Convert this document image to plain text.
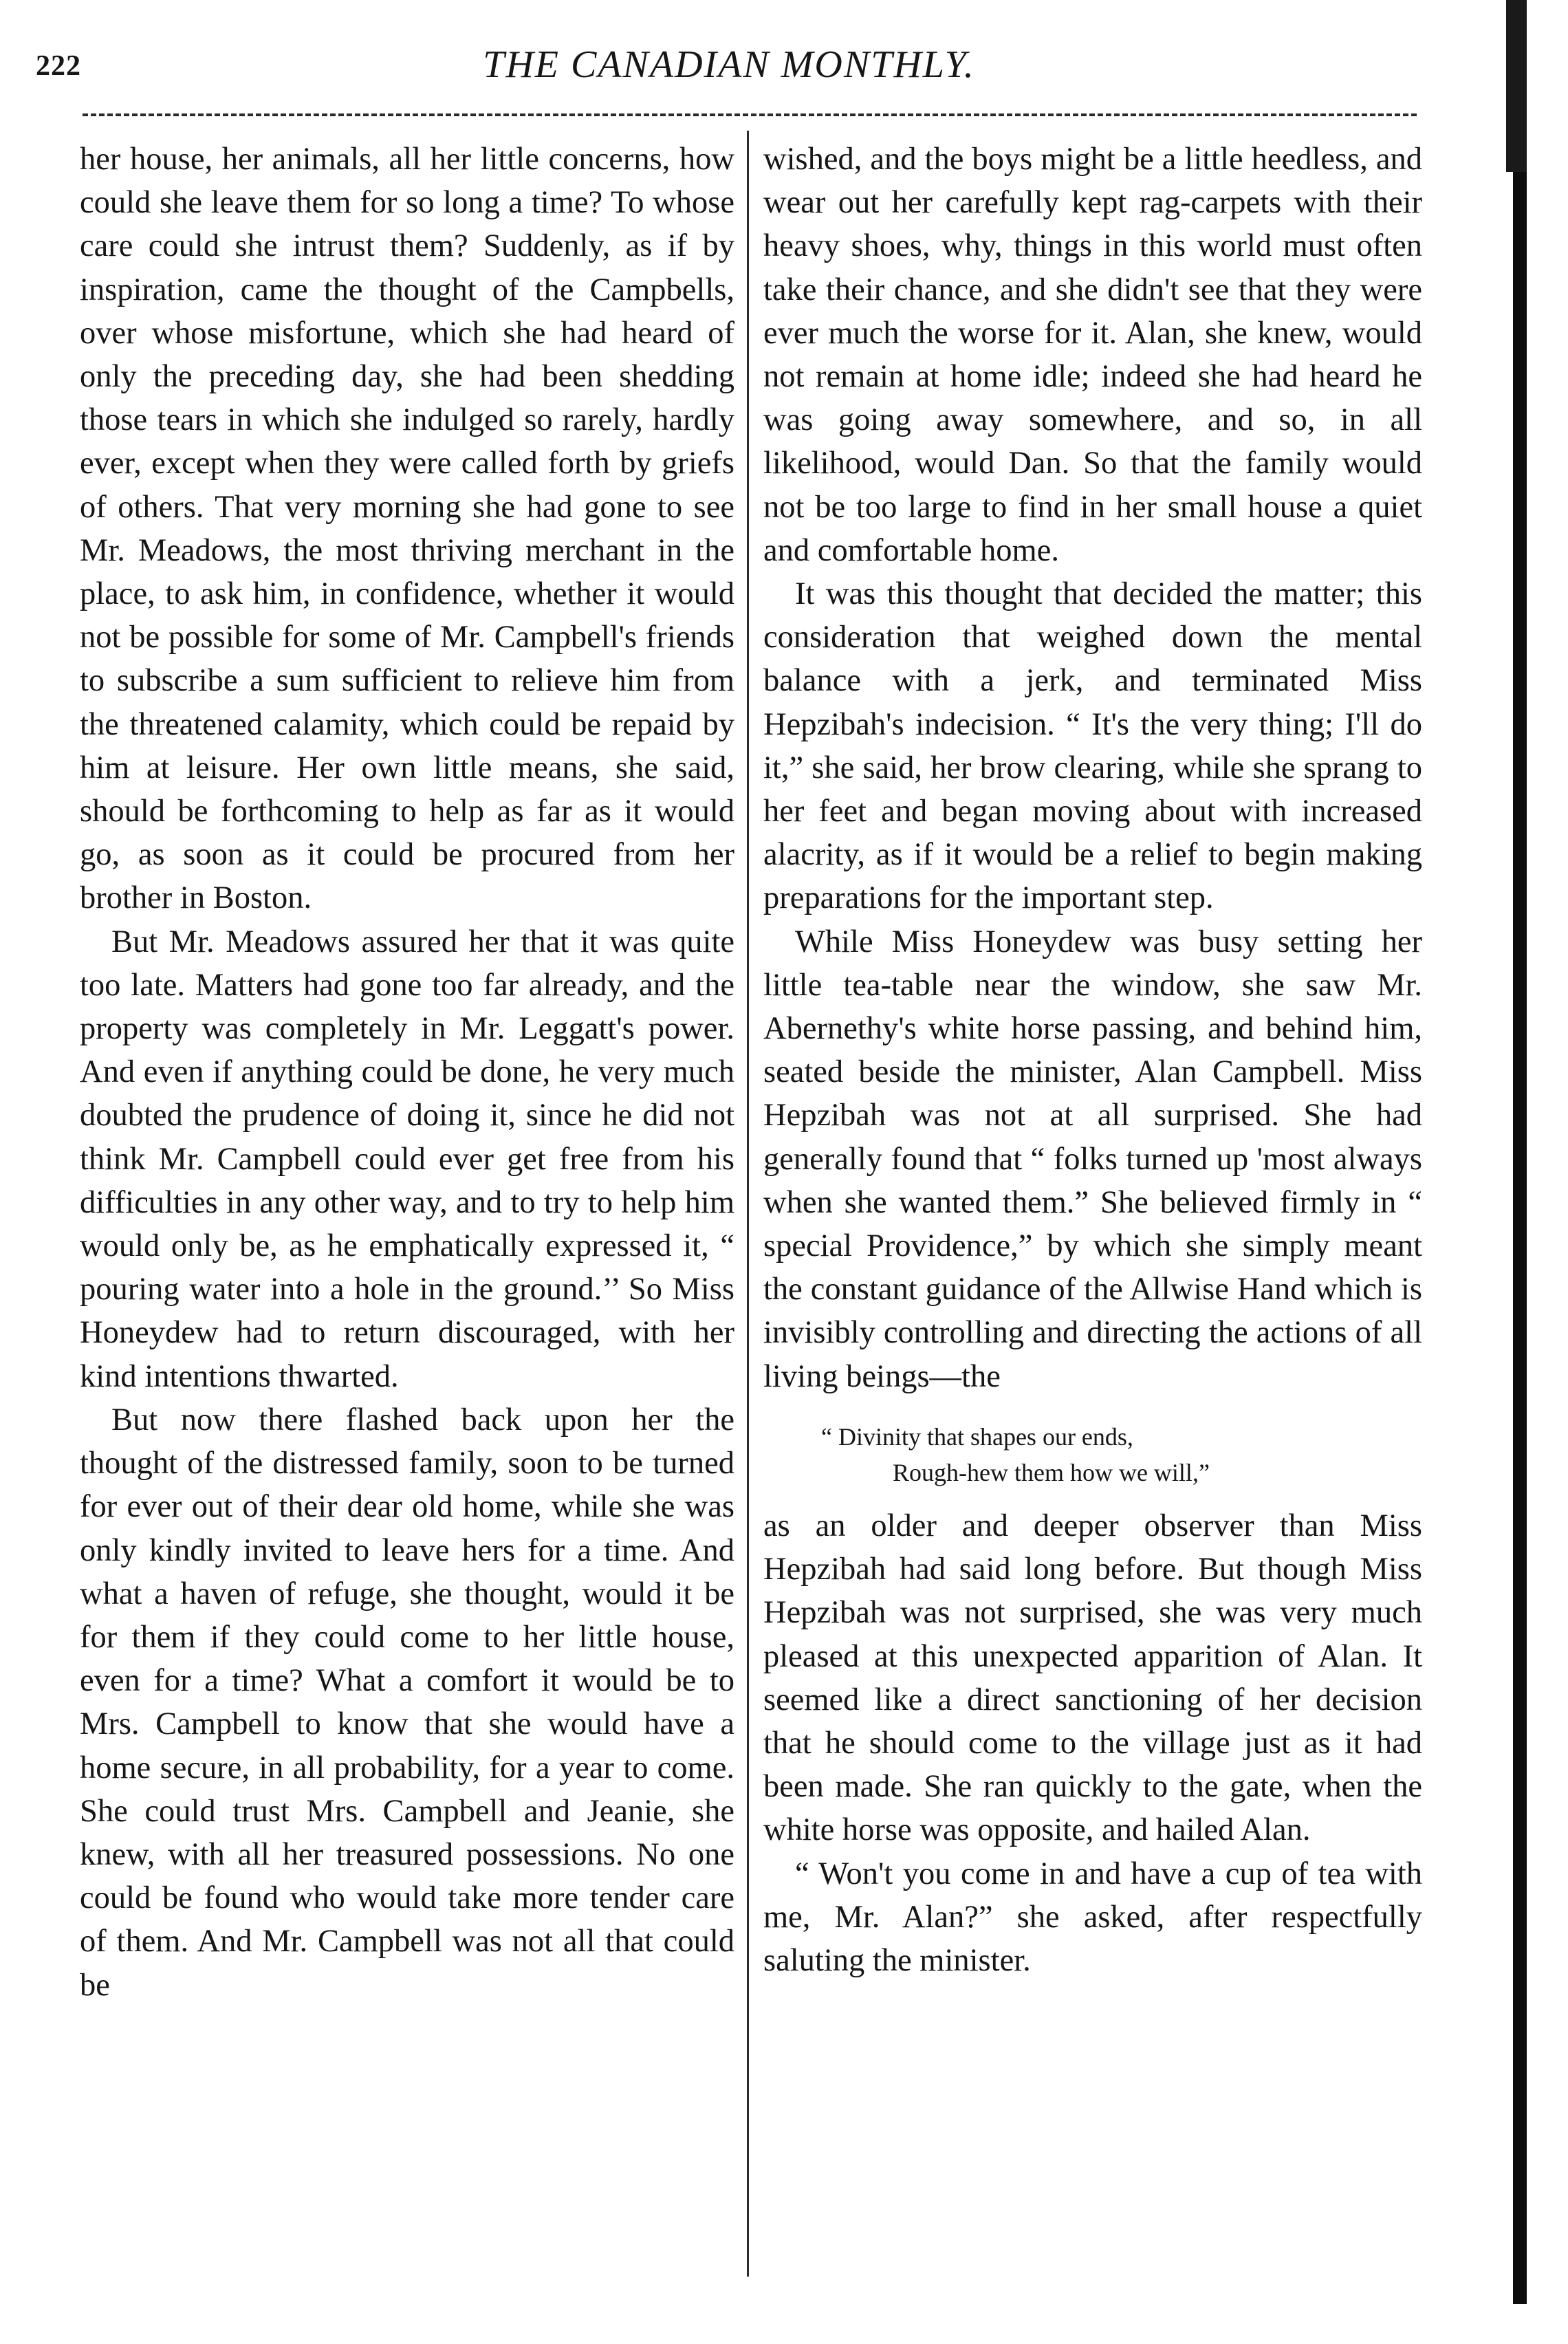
222	THE CANADIAN MONTHLY.

her house, her animals, all her little concerns, how could she leave them for so long a time? To whose care could she intrust them? Suddenly, as if by inspiration, came the thought of the Campbells, over whose misfortune, which she had heard of only the preceding day, she had been shedding those tears in which she indulged so rarely, hardly ever, except when they were called forth by griefs of others. That very morning she had gone to see Mr. Meadows, the most thriving merchant in the place, to ask him, in confidence, whether it would not be possible for some of Mr. Campbell's friends to subscribe a sum sufficient to relieve him from the threatened calamity, which could be repaid by him at leisure. Her own little means, she said, should be forthcoming to help as far as it would go, as soon as it could be procured from her brother in Boston.

But Mr. Meadows assured her that it was quite too late. Matters had gone too far already, and the property was completely in Mr. Leggatt's power. And even if anything could be done, he very much doubted the prudence of doing it, since he did not think Mr. Campbell could ever get free from his difficulties in any other way, and to try to help him would only be, as he emphatically expressed it, “ pouring water into a hole in the ground.’’ So Miss Honeydew had to return discouraged, with her kind intentions thwarted.

But now there flashed back upon her the thought of the distressed family, soon to be turned for ever out of their dear old home, while she was only kindly invited to leave hers for a time. And what a haven of refuge, she thought, would it be for them if they could come to her little house, even for a time? What a comfort it would be to Mrs. Campbell to know that she would have a home secure, in all probability, for a year to come. She could trust Mrs. Campbell and Jeanie, she knew, with all her treasured possessions. No one could be found who would take more tender care of them. And Mr. Campbell was not all that could be

wished, and the boys might be a little heedless, and wear out her carefully kept rag-carpets with their heavy shoes, why, things in this world must often take their chance, and she didn't see that they were ever much the worse for it. Alan, she knew, would not remain at home idle; indeed she had heard he was going away somewhere, and so, in all likelihood, would Dan. So that the family would not be too large to find in her small house a quiet and comfortable home.

It was this thought that decided the matter; this consideration that weighed down the mental balance with a jerk, and terminated Miss Hepzibah's indecision. “ It's the very thing; I'll do it,” she said, her brow clearing, while she sprang to her feet and began moving about with increased alacrity, as if it would be a relief to begin making preparations for the important step.

While Miss Honeydew was busy setting her little tea-table near the window, she saw Mr. Abernethy's white horse passing, and behind him, seated beside the minister, Alan Campbell. Miss Hepzibah was not at all surprised. She had generally found that “ folks turned up 'most always when she wanted them.” She believed firmly in “ special Providence,” by which she simply meant the constant guidance of the Allwise Hand which is invisibly controlling and directing the actions of all living beings—the

“ Divinity that shapes our ends,
Rough-hew them how we will,”

as an older and deeper observer than Miss Hepzibah had said long before. But though Miss Hepzibah was not surprised, she was very much pleased at this unexpected apparition of Alan. It seemed like a direct sanctioning of her decision that he should come to the village just as it had been made. She ran quickly to the gate, when the white horse was opposite, and hailed Alan.

“ Won't you come in and have a cup of tea with me, Mr. Alan?” she asked, after respectfully saluting the minister.
